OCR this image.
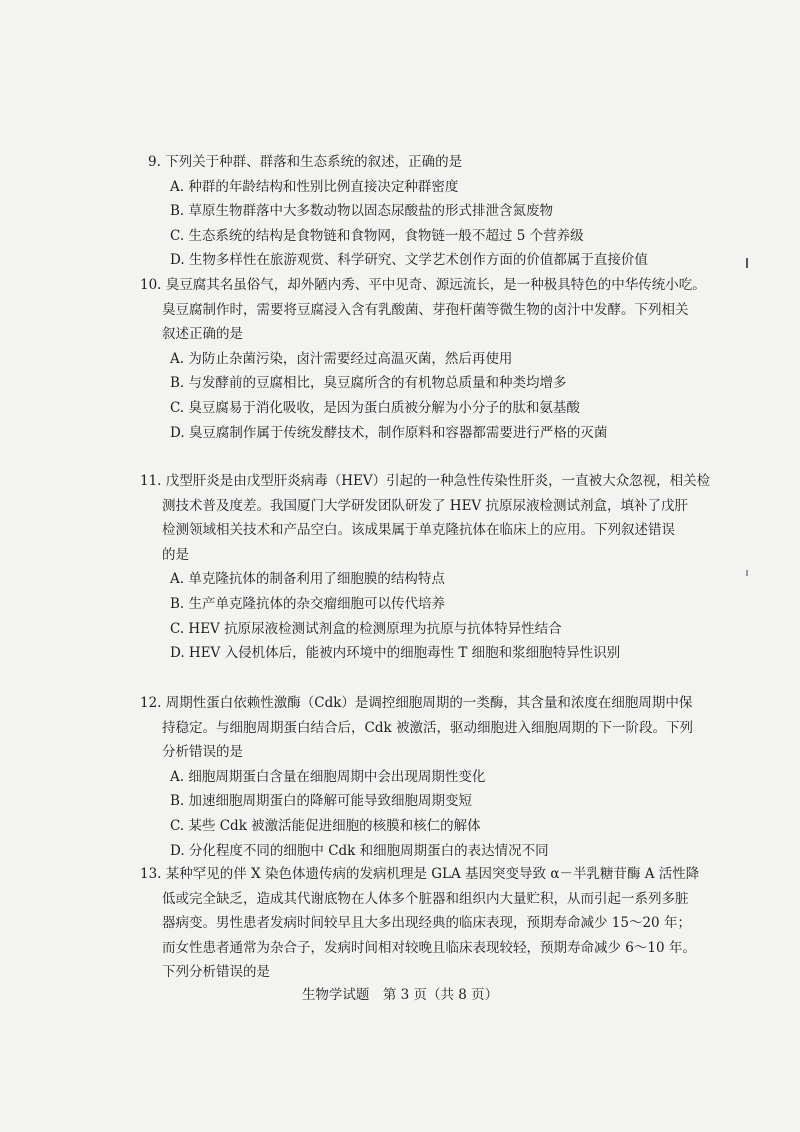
9. 下列关于种群、群落和生态系统的叙述，正确的是
A. 种群的年龄结构和性别比例直接决定种群密度
B. 草原生物群落中大多数动物以固态尿酸盐的形式排泄含氮废物
C. 生态系统的结构是食物链和食物网，食物链一般不超过 5 个营养级
D. 生物多样性在旅游观赏、科学研究、文学艺术创作方面的价值都属于直接价值
10. 臭豆腐其名虽俗气，却外陋内秀、平中见奇、源远流长，是一种极具特色的中华传统小吃。
臭豆腐制作时，需要将豆腐浸入含有乳酸菌、芽孢杆菌等微生物的卤汁中发酵。下列相关
叙述正确的是
A. 为防止杂菌污染，卤汁需要经过高温灭菌，然后再使用
B. 与发酵前的豆腐相比，臭豆腐所含的有机物总质量和种类均增多
C. 臭豆腐易于消化吸收，是因为蛋白质被分解为小分子的肽和氨基酸
D. 臭豆腐制作属于传统发酵技术，制作原料和容器都需要进行严格的灭菌
11. 戊型肝炎是由戊型肝炎病毒（HEV）引起的一种急性传染性肝炎，一直被大众忽视，相关检
测技术普及度差。我国厦门大学研发团队研发了 HEV 抗原尿液检测试剂盒，填补了戊肝
检测领域相关技术和产品空白。该成果属于单克隆抗体在临床上的应用。下列叙述错误
的是
A. 单克隆抗体的制备利用了细胞膜的结构特点
B. 生产单克隆抗体的杂交瘤细胞可以传代培养
C. HEV 抗原尿液检测试剂盒的检测原理为抗原与抗体特异性结合
D. HEV 入侵机体后，能被内环境中的细胞毒性 T 细胞和浆细胞特异性识别
12. 周期性蛋白依赖性激酶（Cdk）是调控细胞周期的一类酶，其含量和浓度在细胞周期中保
持稳定。与细胞周期蛋白结合后，Cdk 被激活，驱动细胞进入细胞周期的下一阶段。下列
分析错误的是
A. 细胞周期蛋白含量在细胞周期中会出现周期性变化
B. 加速细胞周期蛋白的降解可能导致细胞周期变短
C. 某些 Cdk 被激活能促进细胞的核膜和核仁的解体
D. 分化程度不同的细胞中 Cdk 和细胞周期蛋白的表达情况不同
13. 某种罕见的伴 X 染色体遗传病的发病机理是 GLA 基因突变导致 α－半乳糖苷酶 A 活性降
低或完全缺乏，造成其代谢底物在人体多个脏器和组织内大量贮积，从而引起一系列多脏
器病变。男性患者发病时间较早且大多出现经典的临床表现，预期寿命减少 15～20 年；
而女性患者通常为杂合子，发病时间相对较晚且临床表现较轻，预期寿命减少 6～10 年。
下列分析错误的是
生物学试题　第 3 页（共 8 页）
